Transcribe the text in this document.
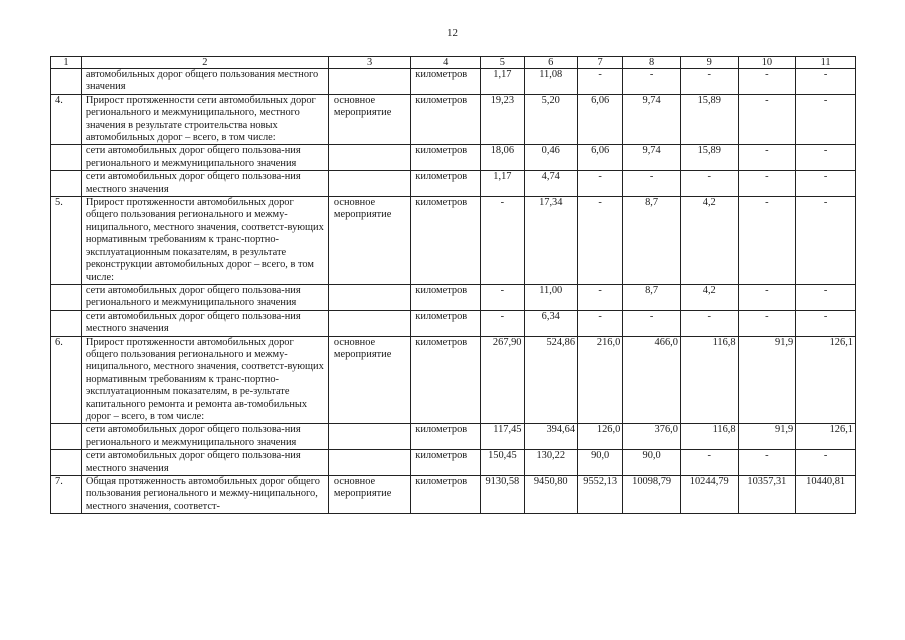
12
1	2	3	4	5	6	7	8	9	10	11
	автомобильных дорог общего пользования местного значения		километров	1,17	11,08	-	-	-	-	-
4.	Прирост протяженности сети автомобильных дорог регионального и межмуниципального, местного значения в результате строительства новых автомобильных дорог – всего, в том числе:	основное мероприятие	километров	19,23	5,20	6,06	9,74	15,89	-	-
	сети автомобильных дорог общего пользова-ния регионального и межмуниципального значения		километров	18,06	0,46	6,06	9,74	15,89	-	-
	сети автомобильных дорог общего пользова-ния местного значения		километров	1,17	4,74	-	-	-	-	-
5.	Прирост протяженности автомобильных дорог общего пользования регионального и межму-ниципального, местного значения, соответст-вующих нормативным требованиям к транс-портно-эксплуатационным показателям, в результате реконструкции автомобильных дорог – всего, в том числе:	основное мероприятие	километров	-	17,34	-	8,7	4,2	-	-
	сети автомобильных дорог общего пользова-ния регионального и межмуниципального значения		километров	-	11,00	-	8,7	4,2	-	-
	сети автомобильных дорог общего пользова-ния местного значения		километров	-	6,34	-	-	-	-	-
6.	Прирост протяженности автомобильных дорог общего пользования регионального и межму-ниципального, местного значения, соответст-вующих нормативным требованиям к транс-портно-эксплуатационным показателям, в ре-зультате капитального ремонта и ремонта ав-томобильных дорог – всего, в том числе:	основное мероприятие	километров	267,90	524,86	216,0	466,0	116,8	91,9	126,1
	сети автомобильных дорог общего пользова-ния регионального и межмуниципального значения		километров	117,45	394,64	126,0	376,0	116,8	91,9	126,1
	сети автомобильных дорог общего пользова-ния местного значения		километров	150,45	130,22	90,0	90,0	-	-	-
7.	Общая протяженность автомобильных дорог общего пользования регионального и межму-ниципального, местного значения, соответст-	основное мероприятие	километров	9130,58	9450,80	9552,13	10098,79	10244,79	10357,31	10440,81
